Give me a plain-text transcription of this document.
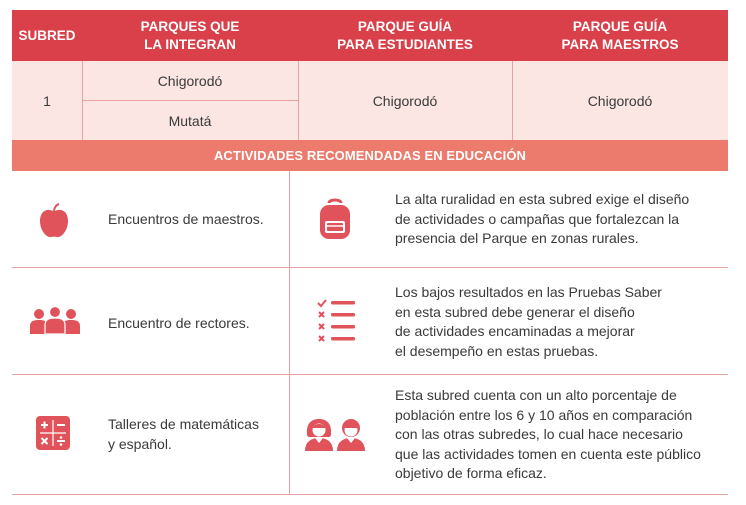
SUBRED
PARQUES QUE
LA INTEGRAN
PARQUE GUÍA
PARA ESTUDIANTES
PARQUE GUÍA
PARA MAESTROS
1
Chigorodó
Mutatá
Chigorodó	Chigorodó
ACTIVIDADES RECOMENDADAS EN EDUCACIÓN
Encuentros de maestros.
La alta ruralidad en esta subred exige el diseño
de actividades o campañas que fortalezcan la
presencia del Parque en zonas rurales.
Encuentro de rectores.
Los bajos resultados en las Pruebas Saber
en esta subred debe generar el diseño
de actividades encaminadas a mejorar
el desempeño en estas pruebas.
Talleres de matemáticas
y español.
Esta subred cuenta con un alto porcentaje de
población entre los 6 y 10 años en comparación
con las otras subredes, lo cual hace necesario
que las actividades tomen en cuenta este público
objetivo de forma eficaz.
